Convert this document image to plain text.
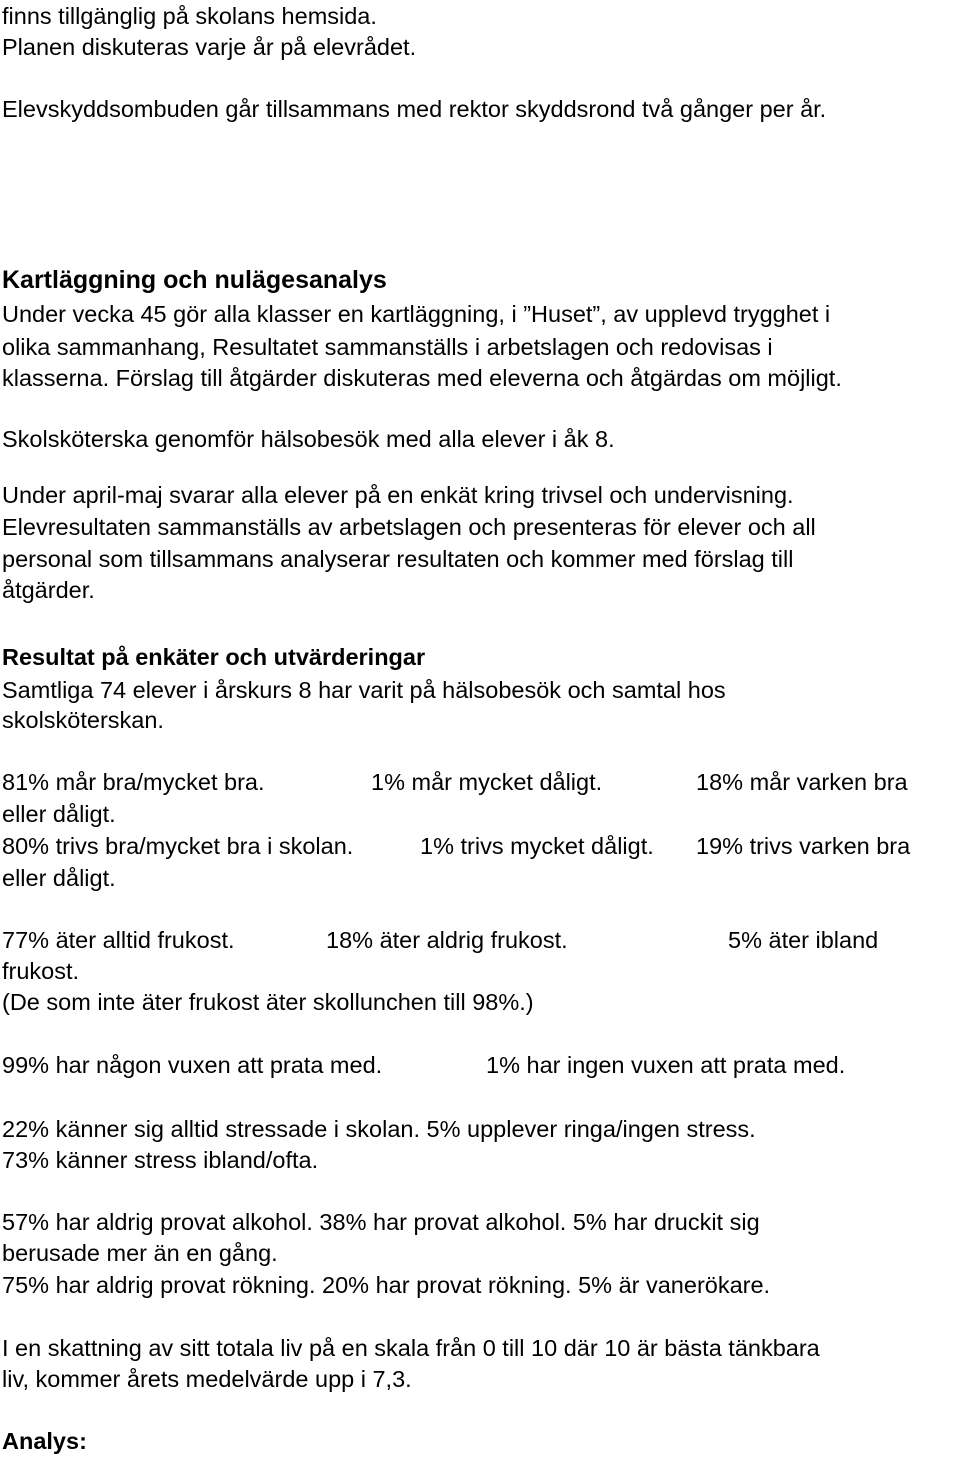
finns tillgänglig på skolans hemsida.
Planen diskuteras varje år på elevrådet.
Elevskyddsombuden går tillsammans med rektor skyddsrond två gånger per år.
Kartläggning och nulägesanalys
Under vecka 45 gör alla klasser en kartläggning, i ”Huset”, av upplevd trygghet i
olika sammanhang, Resultatet sammanställs i arbetslagen och redovisas i
klasserna. Förslag till åtgärder diskuteras med eleverna och åtgärdas om möjligt.
Skolsköterska genomför hälsobesök med alla elever i åk 8.
Under april-maj svarar alla elever på en enkät kring trivsel och undervisning.
Elevresultaten sammanställs av arbetslagen och presenteras för elever och all
personal som tillsammans analyserar resultaten och kommer med förslag till
åtgärder.
Resultat på enkäter och utvärderingar
Samtliga 74 elever i årskurs 8 har varit på hälsobesök och samtal hos
skolsköterskan.
81% mår bra/mycket bra.	1% mår mycket dåligt.	18% mår varken bra
eller dåligt.
80% trivs bra/mycket bra i skolan.	1% trivs mycket dåligt. 19% trivs varken bra
eller dåligt.
77% äter alltid frukost.	18% äter aldrig frukost.	5% äter ibland
frukost.
(De som inte äter frukost äter skollunchen till 98%.)
99% har någon vuxen att prata med.	1% har ingen vuxen att prata med.
22% känner sig alltid stressade i skolan. 5% upplever ringa/ingen stress.
73% känner stress ibland/ofta.
57% har aldrig provat alkohol. 38% har provat alkohol. 5% har druckit sig
berusade mer än en gång.
75% har aldrig provat rökning. 20% har provat rökning. 5% är vanerökare.
I en skattning av sitt totala liv på en skala från 0 till 10 där 10 är bästa tänkbara
liv, kommer årets medelvärde upp i 7,3.
Analys:
